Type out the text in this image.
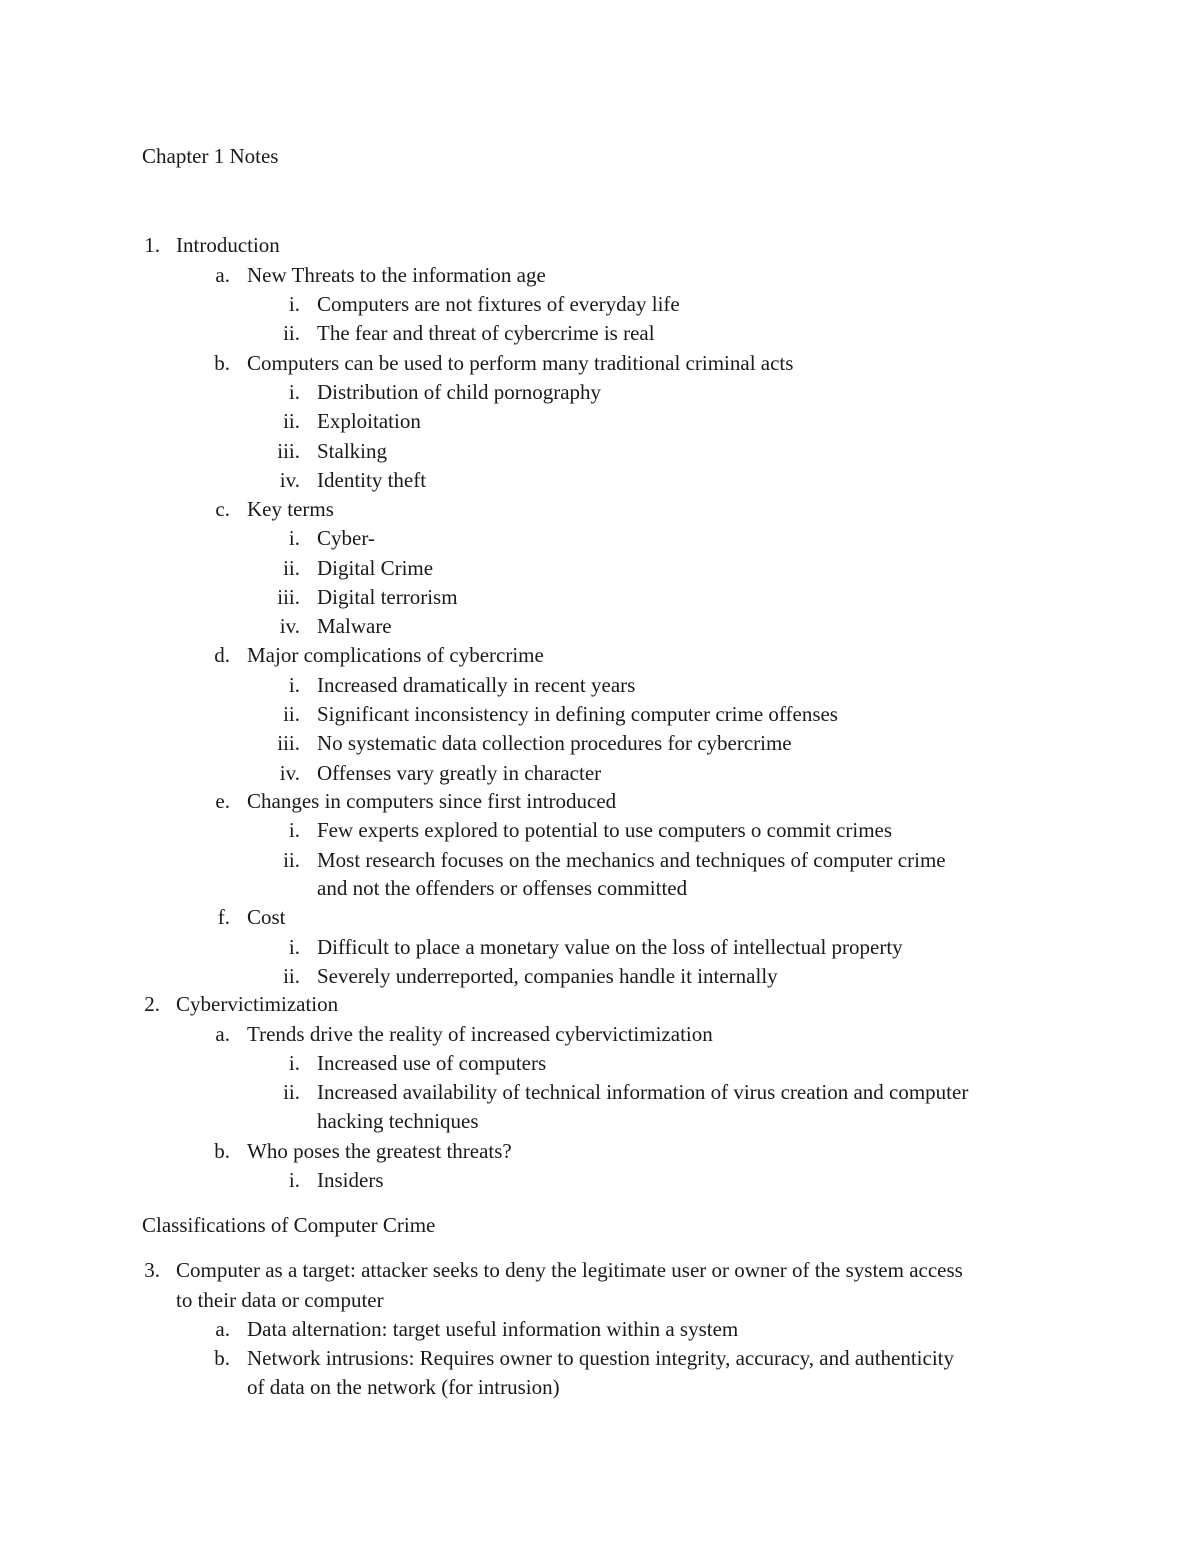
Chapter 1 Notes
1. Introduction
a. New Threats to the information age
i. Computers are not fixtures of everyday life
ii. The fear and threat of cybercrime is real
b. Computers can be used to perform many traditional criminal acts
i. Distribution of child pornography
ii. Exploitation
iii. Stalking
iv. Identity theft
c. Key terms
i. Cyber-
ii. Digital Crime
iii. Digital terrorism
iv. Malware
d. Major complications of cybercrime
i. Increased dramatically in recent years
ii. Significant inconsistency in defining computer crime offenses
iii. No systematic data collection procedures for cybercrime
iv. Offenses vary greatly in character
e. Changes in computers since first introduced
i. Few experts explored to potential to use computers o commit crimes
ii. Most research focuses on the mechanics and techniques of computer crime
and not the offenders or offenses committed
f. Cost
i. Difficult to place a monetary value on the loss of intellectual property
ii. Severely underreported, companies handle it internally
2. Cybervictimization
a. Trends drive the reality of increased cybervictimization
i. Increased use of computers
ii. Increased availability of technical information of virus creation and computer
hacking techniques
b. Who poses the greatest threats?
i. Insiders
Classifications of Computer Crime
3. Computer as a target: attacker seeks to deny the legitimate user or owner of the system access
to their data or computer
a. Data alternation: target useful information within a system
b. Network intrusions: Requires owner to question integrity, accuracy, and authenticity
of data on the network (for intrusion)
